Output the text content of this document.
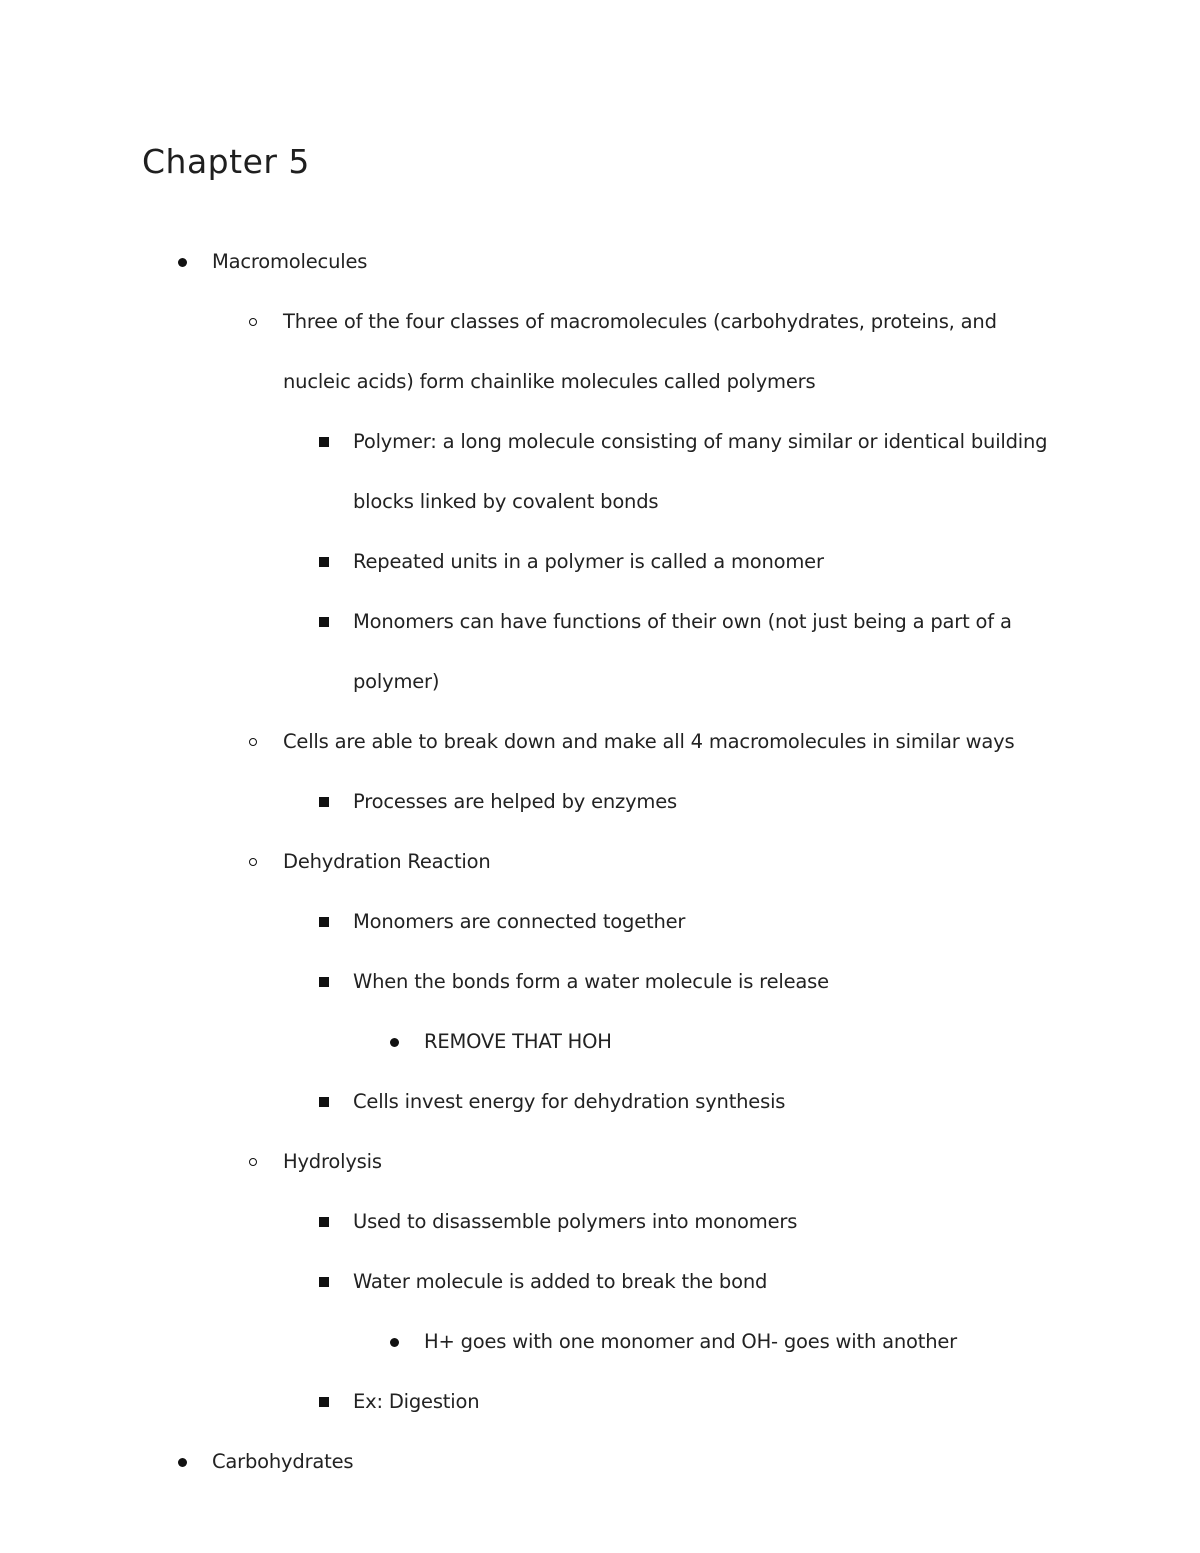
Chapter 5
Macromolecules
Three of the four classes of macromolecules (carbohydrates, proteins, and nucleic acids) form chainlike molecules called polymers
Polymer: a long molecule consisting of many similar or identical building blocks linked by covalent bonds
Repeated units in a polymer is called a monomer
Monomers can have functions of their own (not just being a part of a polymer)
Cells are able to break down and make all 4 macromolecules in similar ways
Processes are helped by enzymes
Dehydration Reaction
Monomers are connected together
When the bonds form a water molecule is release
REMOVE THAT HOH
Cells invest energy for dehydration synthesis
Hydrolysis
Used to disassemble polymers into monomers
Water molecule is added to break the bond
H+ goes with one monomer and OH- goes with another
Ex: Digestion
Carbohydrates
